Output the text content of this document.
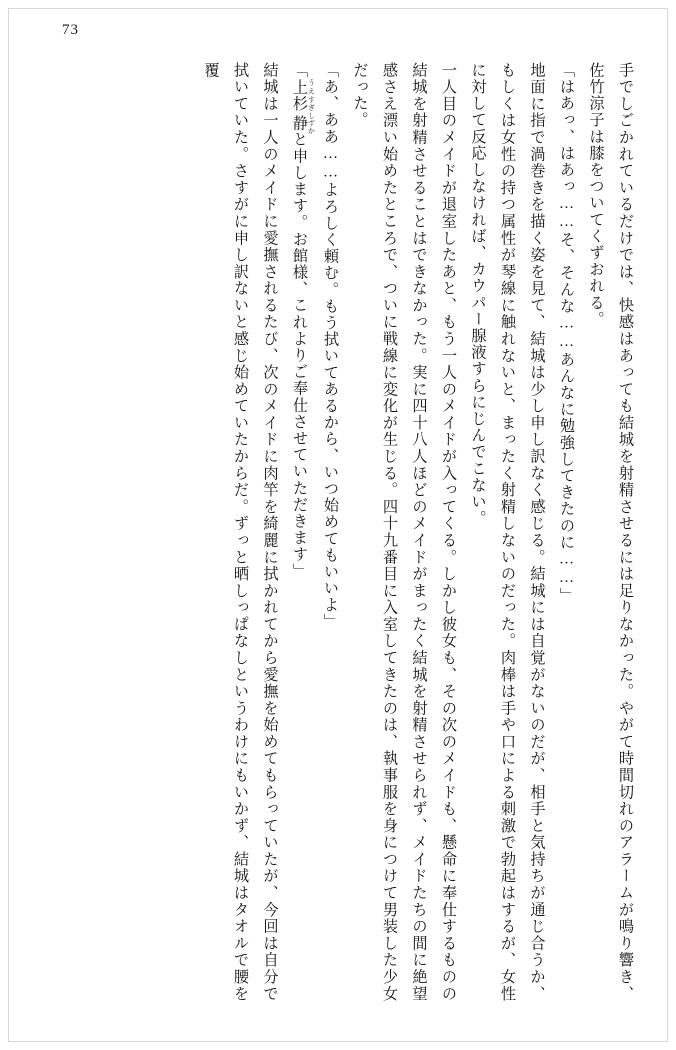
73

手でしごかれているだけでは、快感はあっても結城を射精させるには足りなかった。やがて時間切れのアラームが鳴り響き、佐竹涼子は膝をついてくずおれる。

「はあっ、はあっ……そ、そんな……あんなに勉強してきたのに……」

地面に指で渦巻きを描く姿を見て、結城は少し申し訳なく感じる。結城には自覚がないのだが、相手と気持ちが通じ合うか、もしくは女性の持つ属性が琴線に触れないと、まったく射精しないのだった。肉棒は手や口による刺激で勃起はするが、女性に対して反応しなければ、カウパー腺液すらにじんでこない。

一人目のメイドが退室したあと、もう一人のメイドが入ってくる。しかし彼女も、その次のメイドも、懸命に奉仕するものの結城を射精させることはできなかった。実に四十八人ほどのメイドがまったく結城を射精させられず、メイドたちの間に絶望感さえ漂い始めたところで、ついに戦線に変化が生じる。四十九番目に入室してきたのは、執事服を身につけて男装した少女だった。

「あ、ああ……よろしく頼む。もう拭いてあるから、いつ始めてもいいよ」

「上杉 うえすぎ静 しずかと申します。お館様、これよりご奉仕させていただきます」

結城は一人のメイドに愛撫されるたび、次のメイドに肉竿を綺麗に拭かれてから愛撫を始めてもらっていたが、今回は自分で拭いていた。さすがに申し訳ないと感じ始めていたからだ。ずっと晒しっぱなしというわけにもいかず、結城はタオルで腰を覆
